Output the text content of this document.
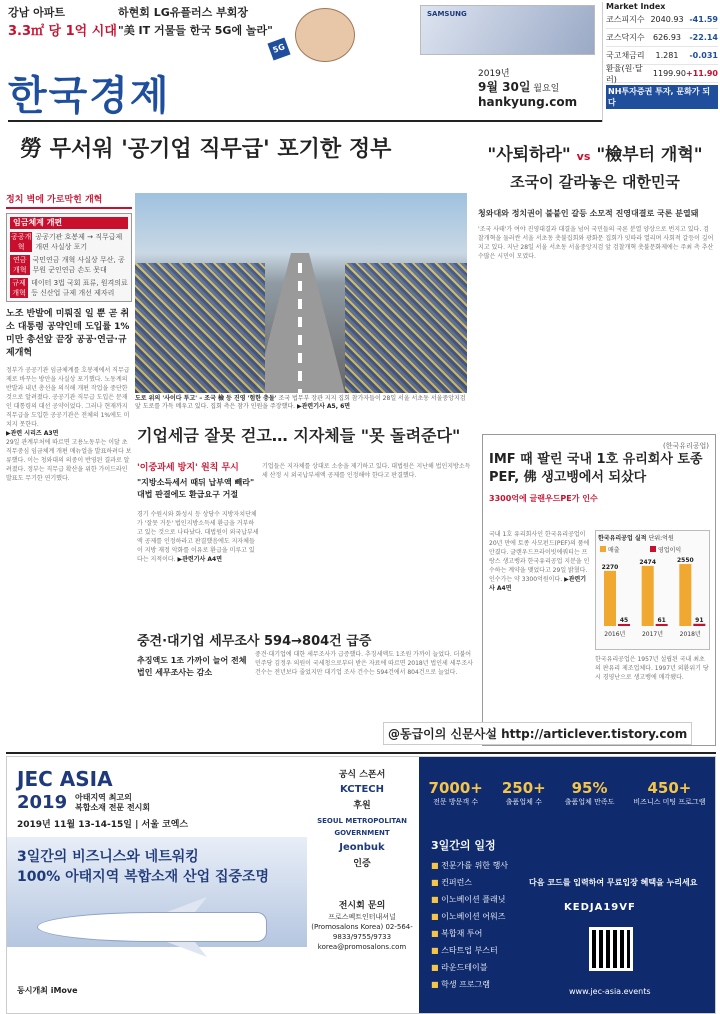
강남 아파트
3.3㎡ 당 1억 시대
하현회 LG유플러스 부회장
"美 IT 거물들 한국 5G에 놀라"
5G
SAMSUNG
한국경제	2019년
9월 30일 월요일
hankyung.com
Market Index
코스피지수 2040.93 -41.59
코스닥지수 626.93 -22.14
국고채금리 1.281 -0.031
환율(원·달러)
1199.90 +11.90
NH투자증권 투자, 문화가 되다
勞 무서워 '공기업 직무급' 포기한 정부	"사퇴하라" vs "檢부터 개혁"
조국이 갈라놓은 대한민국
정치 벽에 가로막힌 개혁
임금체계 개편
공공개혁
공공기관 호봉제 → 직무급제 개편 사실상 포기
연금개혁
국민연금 개혁 사실상 무산, 공무원 군인연금 손도 못대
규제개혁
데이터 3법 국회 표류, 원격의료 등 신산업 규제 개선 제자리
노조 반발에 미뤄질 일 뿐 곧 취소 대통령 공약인데 도입률 1%미만 총선앞 끝장 공공·연금·규제개혁
정부가 공공기관 임금체계를 호봉제에서 직무급제로 바꾸는 방안을 사실상 포기했다. 노동계의 반발과 내년 총선을 의식해 개편 작업을 중단한 것으로 알려졌다. 공공기관 직무급 도입은 문재인 대통령의 대선 공약이었다. 그러나 현재까지 직무급을 도입한 공공기관은 전체의 1%에도 미치지 못한다.
▶관련 시리즈 A3면
29일 관계부처에 따르면 고용노동부는 이달 초 직무중심 임금체계 개편 매뉴얼을 발표하려다 보류했다. 이는 청와대의 의중이 반영된 결과로 알려졌다. 정부는 직무급 확산을 위한 가이드라인 발표도 무기한 연기했다.
도로 위의 '사이다 투고' – 조국 檢 등 진영 '험한 충돌' 조국 법무부 장관 지지 집회 참가자들이 28일 서울 서초동 서울중앙지검 앞 도로를 가득 메우고 있다. 집회 측은 참가 인원을 주장했다. ▶관련기사 A5, 6면
청와대와 정치권이 불붙인 갈등 소모적 진영대결로 국론 분열돼
'조국 사태'가 여야 진영대결과 대결을 넘어 국민들의 국론 분열 양상으로 번지고 있다. 검찰개혁을 둘러싼 서울 서초동 촛불집회와 광화문 집회가 잇따라 열리며 사회적 갈등이 깊어지고 있다. 지난 28일 서울 서초동 서울중앙지검 앞 검찰개혁 촛불문화제에는 주최 측 추산 수많은 시민이 모였다.
기업세금 잘못 걷고… 지자체들 "못 돌려준다"
'이중과세 방지' 원칙 무시
"지방소득세서 때뒤 납부액 빼라" 대법 판결에도 환급요구 거절
경기 수원시와 화성시 등 상당수 지방자치단체가 '잘못 거둔' 법인지방소득세 환급을 거부하고 있는 것으로 나타났다. 대법원이 외국납부세액 공제를 인정하라고 판결했음에도 지자체들이 지방 재정 악화를 이유로 환급을 미루고 있다는 지적이다. ▶관련기사 A4면
기업들은 지자체를 상대로 소송을 제기하고 있다. 대법원은 지난해 법인지방소득세 산정 시 외국납부세액 공제를 인정해야 한다고 판결했다.
중견·대기업 세무조사 594→804건 급증
추징액도 1조 가까이 늘어 전체 법인 세무조사는 감소
중견·대기업에 대한 세무조사가 급증했다. 추징세액도 1조원 가까이 늘었다. 더불어민주당 김정우 의원이 국세청으로부터 받은 자료에 따르면 2018년 법인세 세무조사 건수는 전년보다 줄었지만 대기업 조사 건수는 594건에서 804건으로 늘었다.
(한국유리공업)
IMF 때 팔린 국내 1호 유리회사 토종 PEF, 佛 생고뱅에서 되샀다
3300억에 글랜우드PE가 인수
국내 1호 유리회사인 한국유리공업이 20년 만에 토종 사모펀드(PEF)의 품에 안겼다. 글랜우드프라이빗에쿼티는 프랑스 생고뱅과 한국유리공업 지분을 인수하는 계약을 맺었다고 29일 밝혔다. 인수가는 약 3300억원이다. ▶관련기사 A4면
한국유리공업 실적 단위:억원
2270
45
2016년
2474
61
2017년
2550
91
2018년
매출	영업이익
한국유리공업은 1957년 설립된 국내 최초의 판유리 제조업체다. 1997년 외환위기 당시 경영난으로 생고뱅에 매각됐다.
@동급이의 신문사설 http://articlever.tistory.com
JEC ASIA
2019 아태지역 최고의
복합소재 전문 전시회
2019년 11월 13-14-15일 | 서울 코엑스
3일간의 비즈니스와 네트워킹
100% 아태지역 복합소재 산업 집중조명
동시개최 iMove
공식 스폰서
KCTECH
후원
SEOUL METROPOLITAN GOVERNMENT
Jeonbuk
인증
전시회 문의
프로스펙트인터내셔널 (Promosalons Korea) 02-564-9833/9755/9733 korea@promosalons.com
7000+
전문 방문객 수
250+
출품업체 수
95%
출품업체 만족도
450+
비즈니스 미팅 프로그램
3일간의 일정
■ 전문가를 위한 행사
■ 컨퍼런스
■ 이노베이션 플래닛
■ 이노베이션 어워즈
■ 복합재 투어
■ 스타트업 부스터
■ 라운드테이블
■ 학생 프로그램
다음 코드를 입력하여 무료입장 혜택을 누리세요
KEDJA19VF
www.jec-asia.events
